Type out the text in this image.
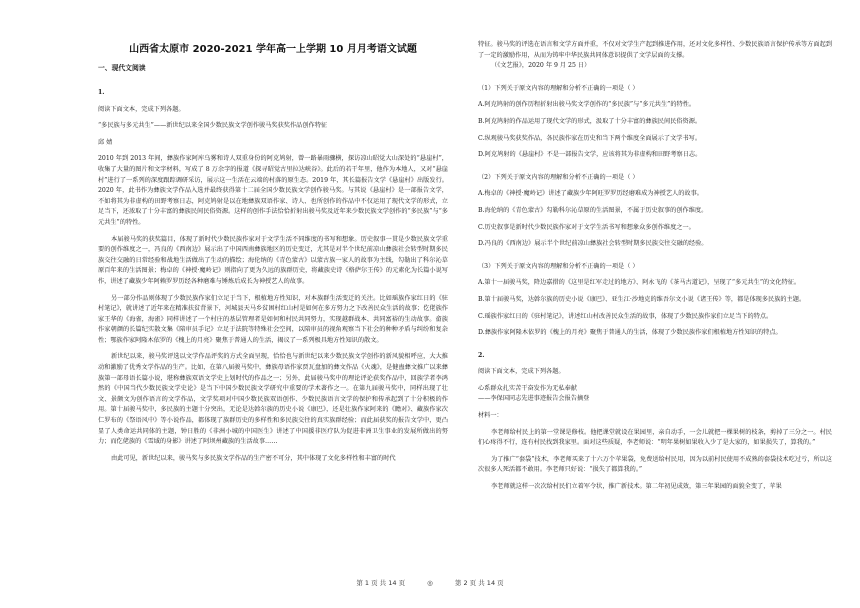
山西省太原市 2020-2021 学年高一上学期 10 月月考语文试题
一、现代文阅读

1.

阅读下面文本，完成下列各题。

“多民族与多元共生”——新世纪以来全国少数民族文学创作骏马奖获奖作品创作特征

邱 婧

2010 年到 2013 年间，彝族作家阿库乌雾和诗人双重身份的阿克鸠射，曾一路暴雨骤横，探访凉山昭觉大山深处的“悬崖村”，收集了大量的图片和文字材料，写成了 8 万余字的报道《探寻昭觉古里拉达峡谷》。此后的若干年里，他作为本地人，又对“悬崖村”进行了一系列的深度跟踪调研采访，展示这一生活在云端的村落的原生态。2019 年，其长篇报告文学《悬崖村》出版发行。2020 年，此书作为彝族文学作品入选并最终获得第十二届全国少数民族文学创作骏马奖。与其说《悬崖村》是一部报告文学，不如将其为非虚构的田野考察日志，阿克鸠射是以在地彝族双语作家、诗人、也所创作的作品中不仅运用了现代文学的形式，立足当下，还浓取了十分丰富的彝族民间民俗资源。这样的创作手法恰恰折射出骏马奖及近年来少数民族文学创作的“多民族”与“多元共生”的特性。

本届骏马奖的获奖篇目，体现了新时代少数民族作家对于文学生活不同维度的书写和想象。历史叙事一贯是少数民族文学重要的创作维度之一，冯良的《西南边》展示出了中国西南彝族地区的历史变迁，尤其是对半个世纪前凉山彝族社会转型时期多民族交往交融的日常经验和战地生活做出了生动的描绘；海伦纳的《青色蒙古》以蒙古族一家人的故事为主线，勾勒出了科尔沁草原百年来的生活图景；梅卓的《神授·魔岭记》则指向了更为久远的族群历史，将藏族史诗《格萨尔王传》的元素化为长篇小说写作，讲述了藏族少年阿赖罗罗历经各种磨难与锤炼后成长为神授艺人的故事。

另一部分作品则体现了少数民族作家们立足于当下，根植地方性知识，对本族群生活变迁的关注。比如瑶族作家红日的《驻村笔记》，就讲述了近年来在精准扶贫背景下，河城县天马乡贫困村红山村是如何在多方努力之下改善民众生活的故事；仡佬族作家王华的《海雀，海雀》同样讲述了一个村庄的基层管理者是如何和村民共同努力，实现越群战本、共同富裕的生动故事。畲族作家朝颜的长篇纪实散文集《陪审员手记》立足于法院等特殊社会空间，以陪审员的视角观察当下社会的种种矛盾与纠纷和复杂性；鄂族作家阿隆木依罗的《槐上的月亮》聚焦于普通人的生活，揭议了一系列极具地方性知识的散文。

新世纪以来，骏马奖评选以文学作品评奖的方式全面呈现，恰恰也与新世纪以来少数民族文学创作的新风貌相呼应，大大推动和激励了优秀文学作品的生产。比如，在第八届骏马奖中，彝族母语作家贾瓦盘加的彝文作品《火魂》，是健蛊彝文推广以来彝族第一部母语长篇小说，堪称彝族双语文学史上划时代的作品之一；另外，此届骏马奖中的理论评论获奖作品中，回族学者李鸿然的《中国当代少数民族文学史论》是当下中国少数民族文学研究中重要的学术著作之一。在第九届骏马奖中，同样出现了壮文、景颇文为创作语言的文学作品，文学奖项对中国少数民族双语创作、少数民族语言文学的保护和传承起到了十分积极的作用。第十届骏马奖中，多民族的主题十分突出，无论是达斡尔族的历史小说《康巴》，还是壮族作家阿来的《瞻对》、藏族作家次仁罗布的《祭语风中》等小说作品，都体现了族群历史的多样性和多民族交往的真实族群经验；而此届获奖的报告文学中，更凸显了人类命运共同体的主题，钟日胜的《非洲小城的中国医生》讲述了中国援非医疗队为促进非洲卫生事业的发展所做出的努力；而仡佬族的《雪域的身影》讲述了阿坝州藏族的生活故事……

由此可见，新世纪以来，骏马奖与多民族文学作品的生产密不可分，其中体现了文化多样性和丰富的时代

特征。骏马奖的评选在语言和文学方面并重，不仅对文学生产起到推进作用，还对文化多样性、少数民族语言保护传承等方面起到了一定的激励作用，从而为铸牢中华民族共同体意识提供了文学层面的支撑。

（《文艺报》，2020 年 9 月 25 日）

（1）下列关于原文内容的理解和分析不正确的一项是（ ）

A.阿克鸠射的创作历程折射出骏马奖文学创作的“多民族”与“多元共生”的特性。

B.阿克鸠射的作品运用了现代文学的形式，汲取了十分丰富的彝族民间民俗资源。

C.纵观骏马奖获奖作品，各民族作家在历史和当下两个维度全面展示了文学书写。

D.阿克鸠射的《悬崖村》不是一部报告文学，应该将其为非虚构和田野考察日志。

（2）下列关于原文内容的理解和分析不正确的一项是（ ）

A.梅卓的《神授·魔岭记》讲述了藏族少年阿旺罗罗历经磨难成为神授艺人的故事。

B.海伦纳的《青色蒙古》勾勒科尔沁草原的生活图景，不属于历史叙事的创作维度。

C.历史叙事是新时代少数民族作家对于文学生活书写和想象众多创作维度之一。

D.冯良的《西南边》展示半个世纪前凉山彝族社会转型时期多民族交往交融的经验。

（3）下列关于原文内容的理解和分析不正确的一项是（ ）

A.第十一届骏马奖，降边嘉措的《这里是红军走过的地方》、阿永飞的《茶马古道记》，呈现了“多元共生”的文化特征。

B.第十届骏马奖，达斡尔族的历史小说《康巴》、亚生江·沙地克的维吾尔文小说《诸王传》等，都是体现多民族的主题。

C.瑶族作家红日的《驻村笔记》，讲述红山村改善民众生活的故事，体现了少数民族作家们立足当下的特点。

D.彝族作家阿隆木依罗的《槐上的月亮》聚焦于普通人的生活，体现了少数民族作家们根植地方性知识的特点。

2.

阅读下面文本，完成下列各题。

心系群众扎实苦干奋发作为无私奉献

——李保国同志先进事迹报告会报告摘登

材料一：

李老师给村民上的第一堂课是修枝。他把课堂就设在果园里，亲自动手，一会儿就把一棵果树的枝条，剪掉了三分之一。村民们心疼得不行，连有村民找到我家里。面对这些质疑，李老师说：“明年果树如果收入少了是大家的，如果损失了，算我的。”

为了推广“套袋”技术，李老师买来了十六万个苹果袋，免费送给村民用，因为以前村民使用不成熟的套袋技术吃过亏，所以这次很多人死活都不敢用。李老师只好说：“损失了都算我的。”

李老师就这样一次次给村民们立着军令状，推广新技术。第二年初见成效，第三年果园的面貌全变了，苹果

第 1 页 共 14 页	◎	第 2 页 共 14 页
